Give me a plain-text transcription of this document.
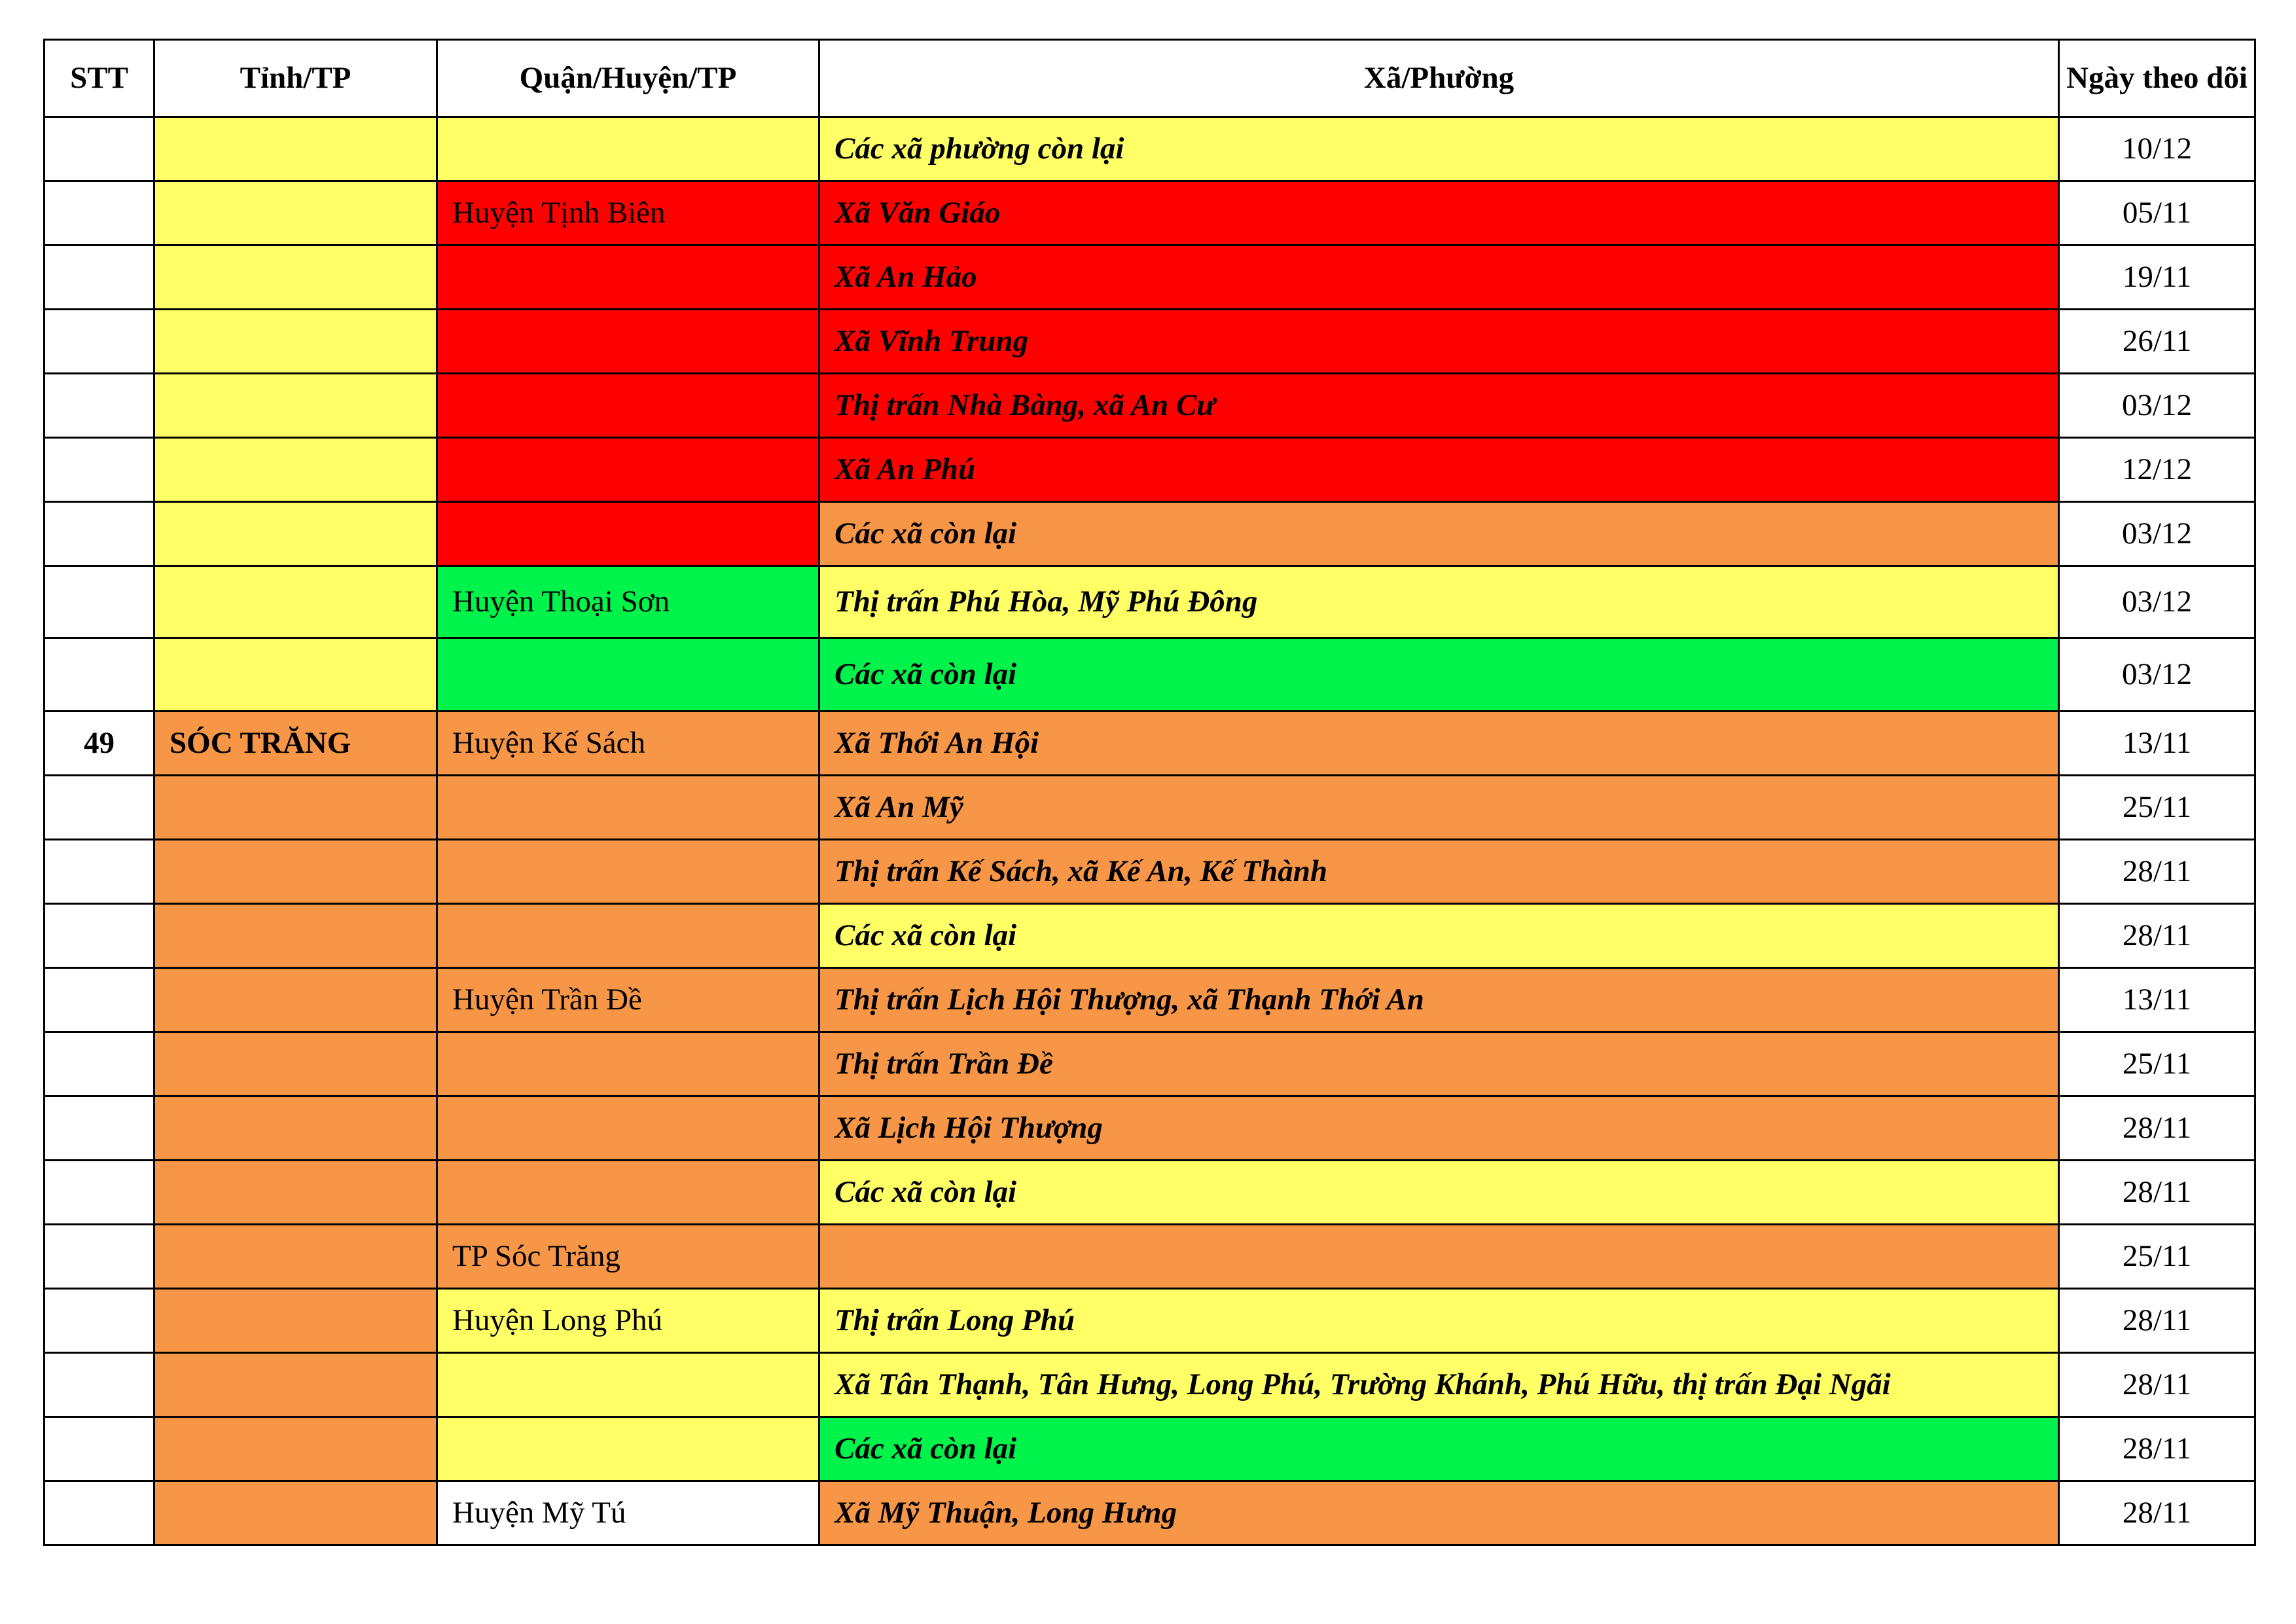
STT	Tỉnh/TP	Quận/Huyện/TP	Xã/Phường	Ngày theo dõi
			Các xã phường còn lại	10/12
		Huyện Tịnh Biên	Xã Văn Giáo	05/11
			Xã An Hảo	19/11
			Xã Vĩnh Trung	26/11
			Thị trấn Nhà Bàng, xã An Cư	03/12
			Xã An Phú	12/12
			Các xã còn lại	03/12
		Huyện Thoại Sơn	Thị trấn Phú Hòa, Mỹ Phú Đông	03/12
			Các xã còn lại	03/12
49	SÓC TRĂNG	Huyện Kế Sách	Xã Thới An Hội	13/11
			Xã An Mỹ	25/11
			Thị trấn Kế Sách, xã Kế An, Kế Thành	28/11
			Các xã còn lại	28/11
		Huyện Trần Đề	Thị trấn Lịch Hội Thượng, xã Thạnh Thới An	13/11
			Thị trấn Trần Đề	25/11
			Xã Lịch Hội Thượng	28/11
			Các xã còn lại	28/11
		TP Sóc Trăng		25/11
		Huyện Long Phú	Thị trấn Long Phú	28/11
			Xã Tân Thạnh, Tân Hưng, Long Phú, Trường Khánh, Phú Hữu, thị trấn Đại Ngãi	28/11
			Các xã còn lại	28/11
		Huyện Mỹ Tú	Xã Mỹ Thuận, Long Hưng	28/11
